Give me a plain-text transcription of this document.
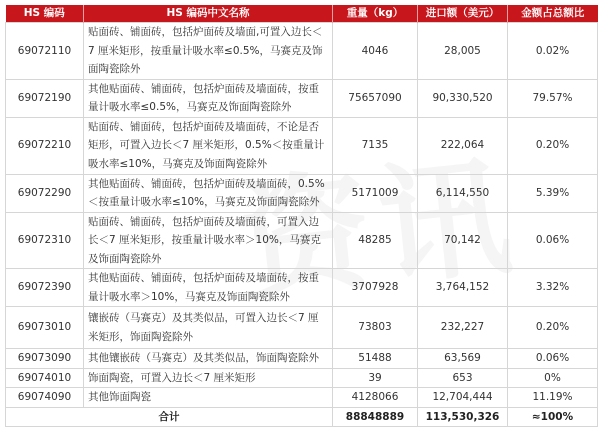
HS 编码	HS 编码中文名称	重量（kg）	进口额（美元）	金额占总额比
69072110	贴面砖、铺面砖，包括炉面砖及墙面,可置入边长＜7 厘米矩形，按重量计吸水率≤0.5%，马赛克及饰面陶瓷除外	4046	28,005	0.02%
69072190	其他贴面砖、铺面砖，包括炉面砖及墙面砖，按重量计吸水率≤0.5%，马赛克及饰面陶瓷除外	75657090	90,330,520	79.57%
69072210	贴面砖、铺面砖，包括炉面砖及墙面砖，不论是否矩形，可置入边长＜7 厘米矩形，0.5%＜按重量计吸水率≤10%，马赛克及饰面陶瓷除外	7135	222,064	0.20%
69072290	其他贴面砖、铺面砖，包括炉面砖及墙面砖，0.5%＜按重量计吸水率≤10%，马赛克及饰面陶瓷除外	5171009	6,114,550	5.39%
69072310	贴面砖、铺面砖，包括炉面砖及墙面砖，可置入边长＜7 厘米矩形，按重量计吸水率＞10%，马赛克及饰面陶瓷除外	48285	70,142	0.06%
69072390	其他贴面砖、铺面砖，包括炉面砖及墙面砖，按重量计吸水率＞10%，马赛克及饰面陶瓷除外	3707928	3,764,152	3.32%
69073010	镶嵌砖（马赛克）及其类似品，可置入边长＜7 厘米矩形，饰面陶瓷除外	73803	232,227	0.20%
69073090	其他镶嵌砖（马赛克）及其类似品，饰面陶瓷除外	51488	63,569	0.06%
69074010	饰面陶瓷，可置入边长＜7 厘米矩形	39	653	0%
69074090	其他饰面陶瓷	4128066	12,704,444	11.19%
合计		88848889	113,530,326	≈100%
